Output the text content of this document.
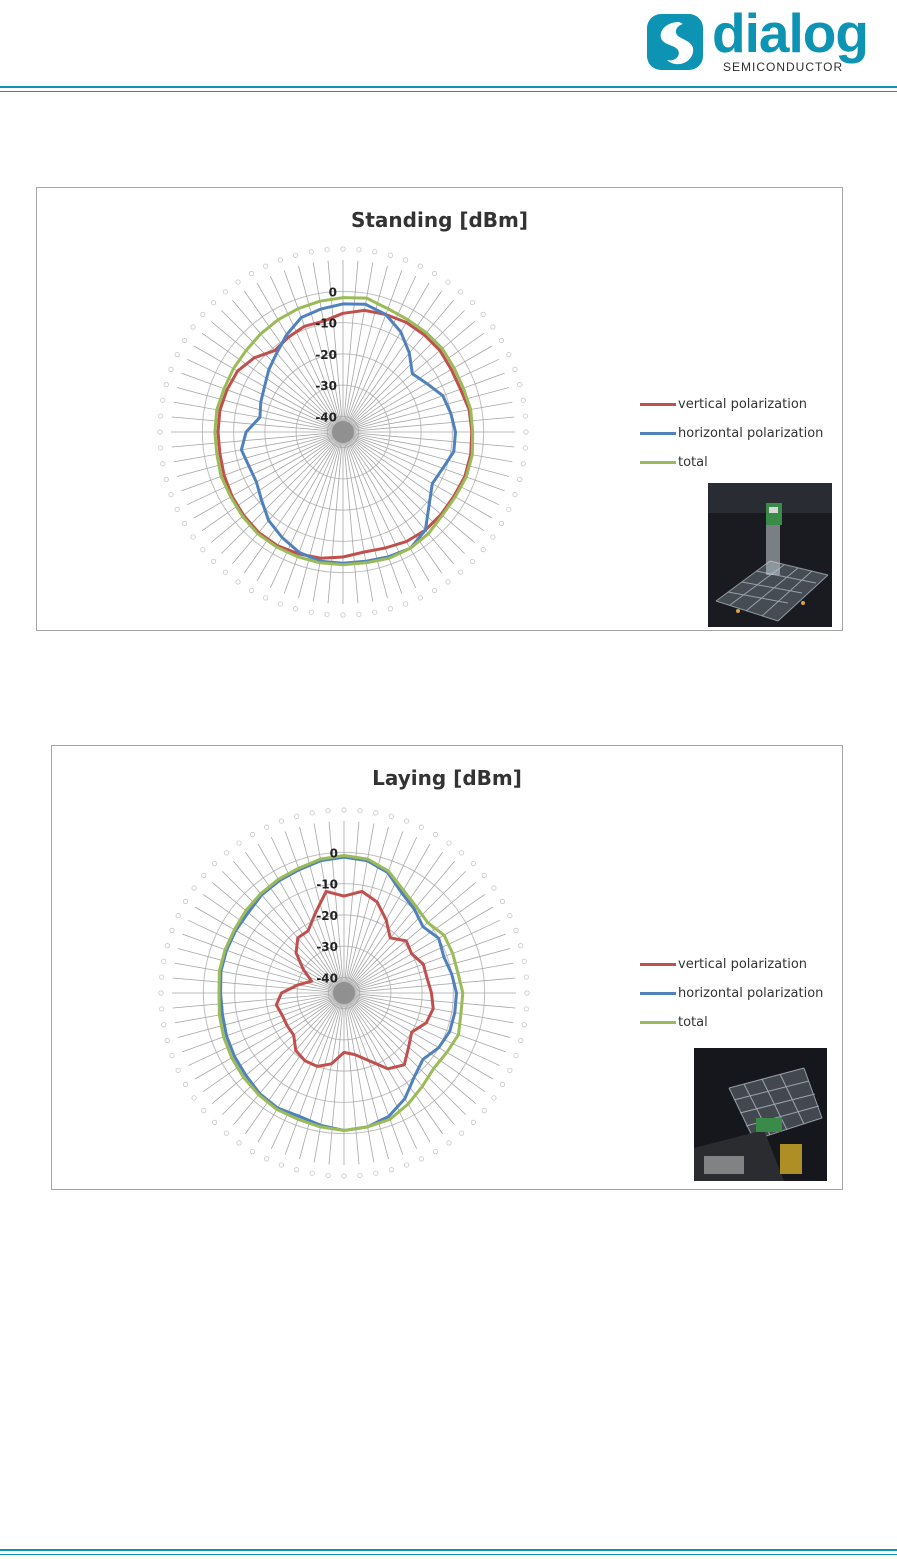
dialog
SEMICONDUCTOR
Standing [dBm]
0
-10
-20
-30
-40
vertical polarization
horizontal polarization
total
Laying [dBm]
0
-10
-20
-30
-40
vertical polarization
horizontal polarization
total
